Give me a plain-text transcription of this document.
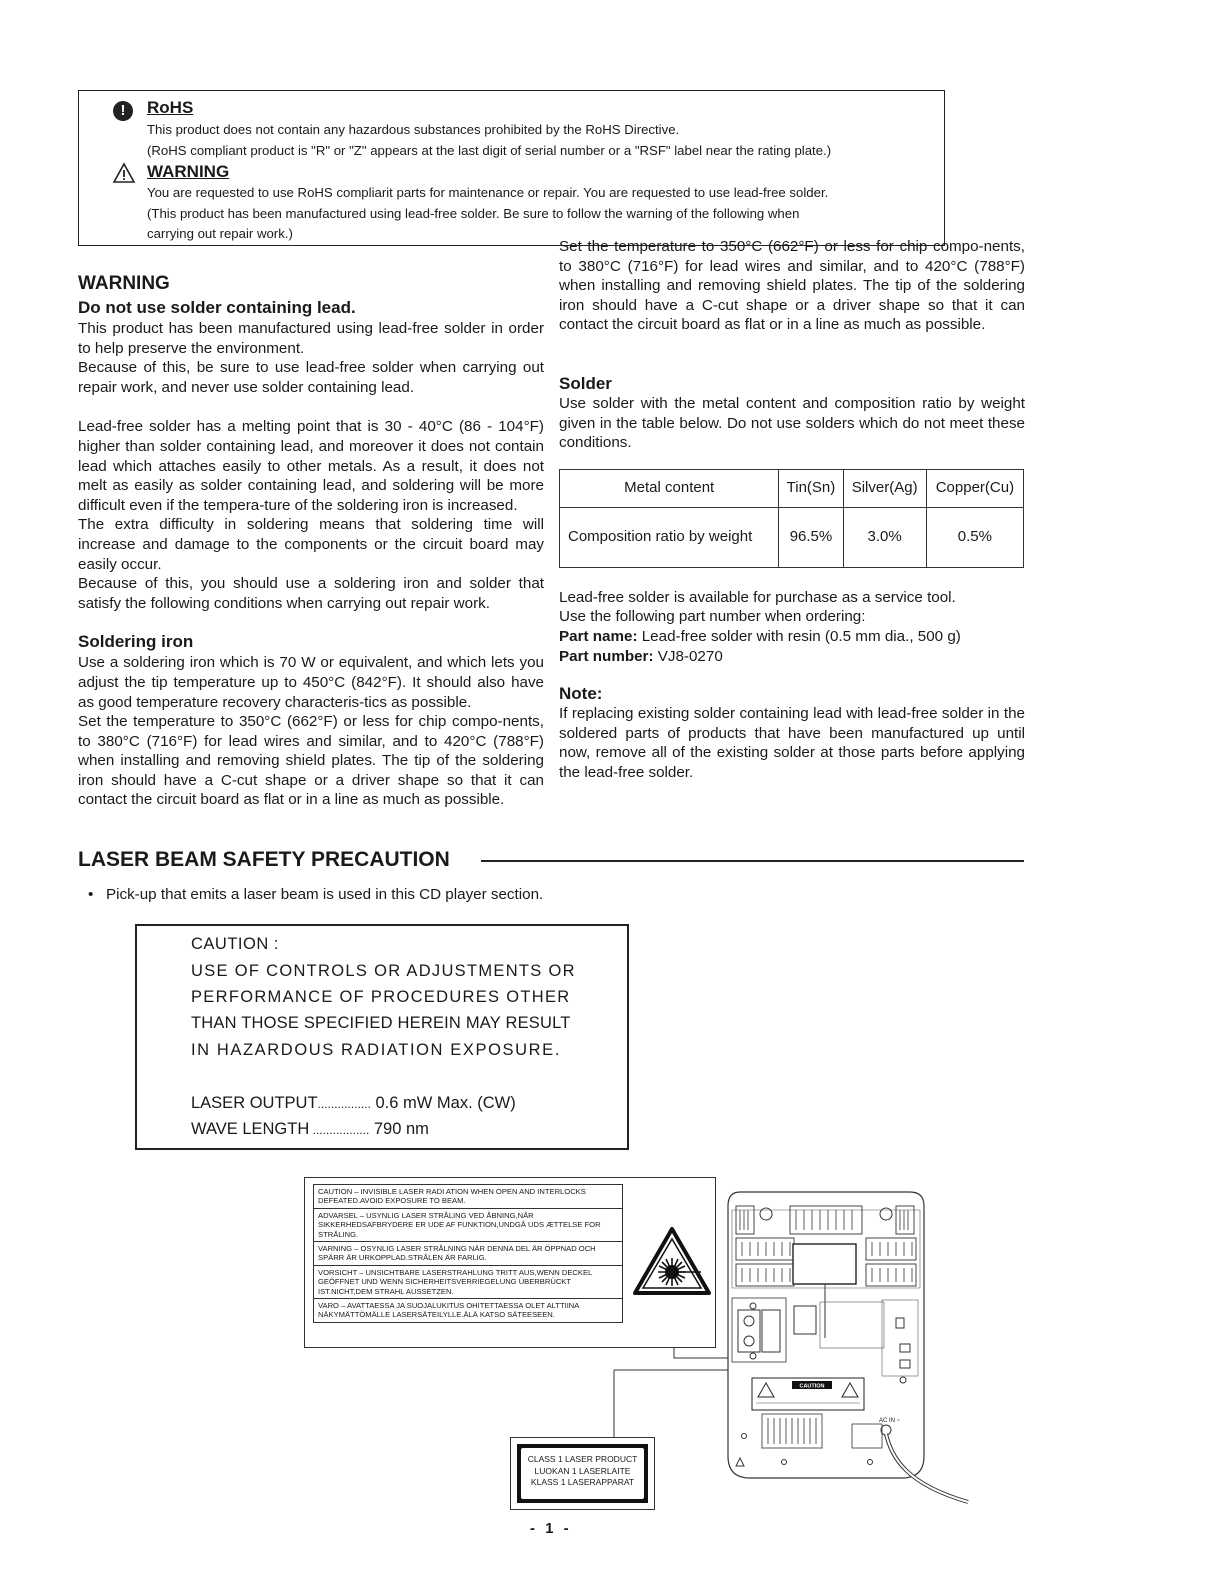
!	RoHS
This product does not contain any hazardous substances prohibited by the RoHS Directive.
(RoHS compliant product is "R" or "Z" appears at the last digit of serial number or a "RSF" label near the rating plate.)
WARNING
You are requested to use RoHS compliarit parts for maintenance or repair. You are requested to use lead-free solder.
(This product has been manufactured using lead-free solder. Be sure to follow the warning of the following when
carrying out repair work.)

WARNING

Do not use solder containing lead.

This product has been manufactured using lead-free solder in order to help preserve the environment.

Because of this, be sure to use lead-free solder when carrying out repair work, and never use solder containing lead.

Lead-free solder has a melting point that is 30 - 40°C (86 - 104°F) higher than solder containing lead, and moreover it does not contain lead which attaches easily to other metals. As a result, it does not melt as easily as solder containing lead, and soldering will be more difficult even if the tempera-ture of the soldering iron is increased.

The extra difficulty in soldering means that soldering time will increase and damage to the components or the circuit board may easily occur.

Because of this, you should use a soldering iron and solder that satisfy the following conditions when carrying out repair work.

Soldering iron

Use a soldering iron which is 70 W or equivalent, and which lets you adjust the tip temperature up to 450°C (842°F). It should also have as good temperature recovery characteris-tics as possible.

Set the temperature to 350°C (662°F) or less for chip compo-nents, to 380°C (716°F) for lead wires and similar, and to 420°C (788°F) when installing and removing shield plates. The tip of the soldering iron should have a C-cut shape or a driver shape so that it can contact the circuit board as flat or in a line as much as possible.

Set the temperature to 350°C (662°F) or less for chip compo-nents, to 380°C (716°F) for lead wires and similar, and to 420°C (788°F) when installing and removing shield plates. The tip of the soldering iron should have a C-cut shape or a driver shape so that it can contact the circuit board as flat or in a line as much as possible.

Solder

Use solder with the metal content and composition ratio by weight given in the table below. Do not use solders which do not meet these conditions.

Metal content	Tin(Sn)	Silver(Ag)	Copper(Cu)
Composition ratio by weight	96.5%	3.0%	0.5%

Lead-free solder is available for purchase as a service tool.

Use the following part number when ordering:

Part name: Lead-free solder with resin (0.5 mm dia., 500 g)

Part number: VJ8-0270

Note:

If replacing existing solder containing lead with lead-free solder in the soldered parts of products that have been manufactured up until now, remove all of the existing solder at those parts before applying the lead-free solder.

LASER BEAM SAFETY PRECAUTION
•   Pick-up that emits a laser beam is used in this CD player section.
CAUTION :
USE OF CONTROLS OR ADJUSTMENTS OR
PERFORMANCE OF PROCEDURES OTHER
THAN THOSE SPECIFIED HEREIN MAY RESULT
IN HAZARDOUS RADIATION EXPOSURE.
LASER OUTPUT................ 0.6 mW Max. (CW)
WAVE LENGTH ................. 790 nm
CAUTION – INVISIBLE LASER RADI ATION WHEN OPEN AND INTERLOCKS DEFEATED.AVOID EXPOSURE TO BEAM.
ADVARSEL – USYNLIG LASER STRÅLING VED ÅBNING,NÅR SIKKERHEDSAFBRYDERE ER UDE AF FUNKTION,UNDGÅ UDS ÆTTELSE FOR STRÅLING.
VARNING – OSYNLIG LASER STRÅLNING NÄR DENNA DEL ÄR ÖPPNAD OCH SPÄRR ÄR URKOPPLAD.STRÅLEN ÄR FARLIG.
VORSICHT – UNSICHTBARE LASERSTRAHLUNG TRITT AUS,WENN DECKEL GEÖFFNET UND WENN SICHERHEITSVERRIEGELUNG ÜBERBRÜCKT IST.NICHT,DEM STRAHL AUSSETZEN.
VARO – AVATTAESSA JA SUOJALUKITUS OHITETTAESSA OLET ALTTIINA NÄKYMÄTTÖMÄLLE LASERSÄTEILYLLE.ÄLÄ KATSO SÄTEESEEN.
CLASS 1 LASER PRODUCT
LUOKAN 1 LASERLAITE
KLASS 1 LASERAPPARAT
CAUTION
AC IN ~
- 1 -
